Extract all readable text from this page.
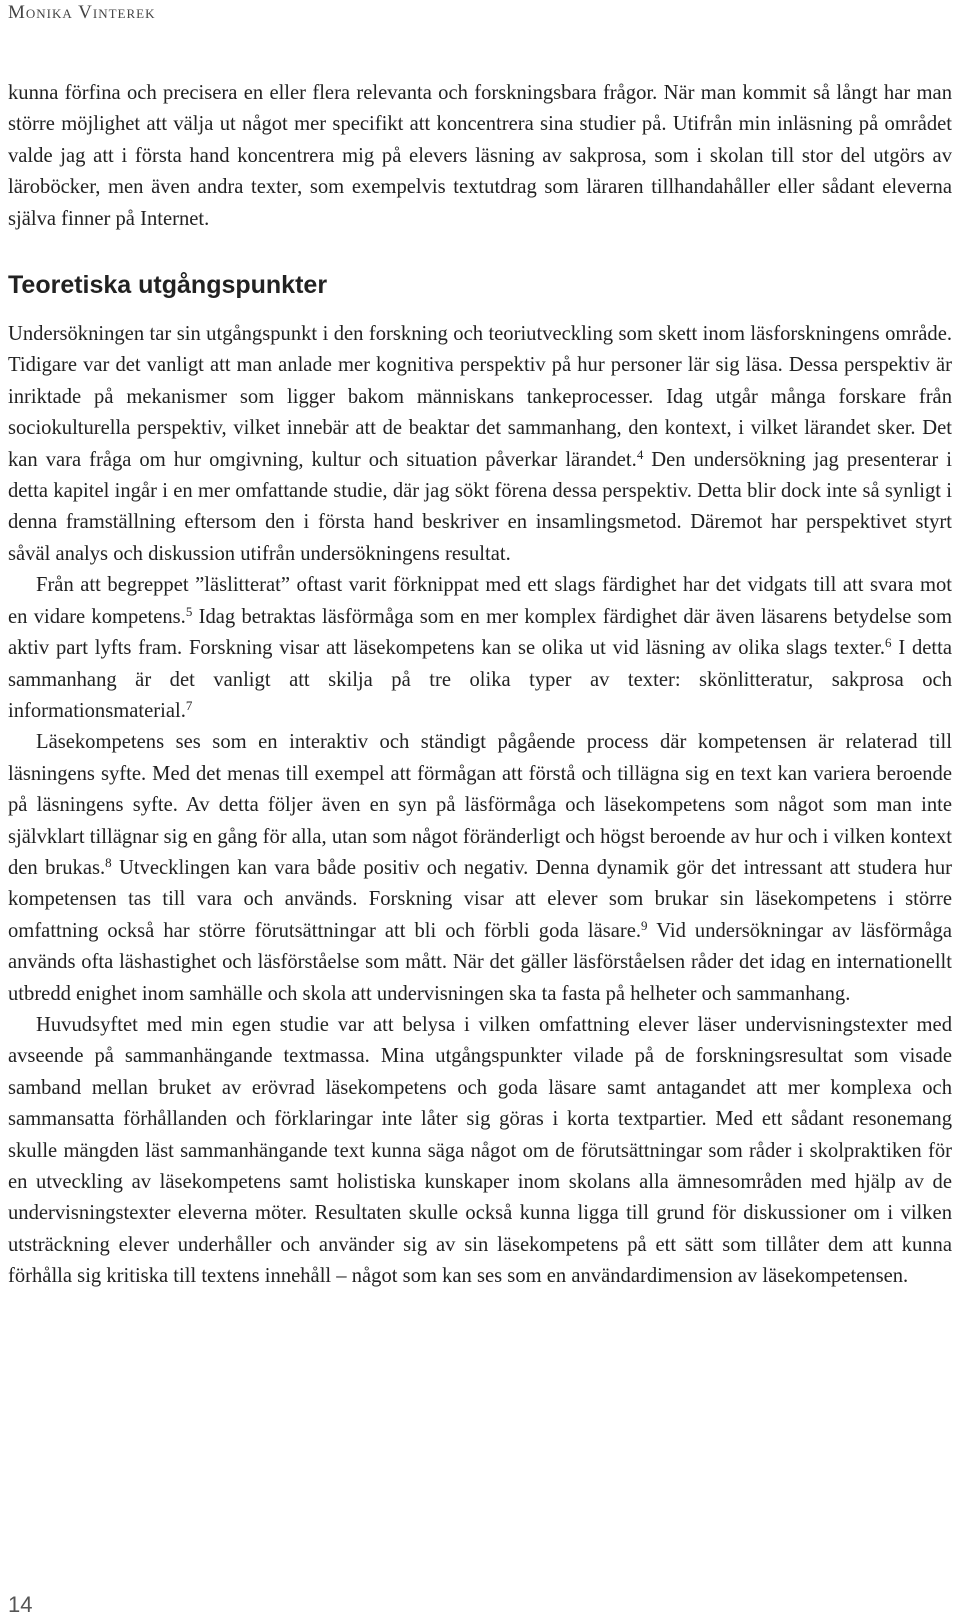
Monika Vinterek

kunna förfina och precisera en eller flera relevanta och forskningsbara frågor. När man kommit så långt har man större möjlighet att välja ut något mer specifikt att koncentrera sina studier på. Utifrån min inläsning på området valde jag att i första hand koncentrera mig på elevers läsning av sakprosa, som i skolan till stor del utgörs av läroböcker, men även andra texter, som exempelvis textutdrag som läraren tillhandahåller eller sådant eleverna själva finner på Internet.

Teoretiska utgångspunkter

Undersökningen tar sin utgångspunkt i den forskning och teoriutveckling som skett inom läsforskningens område. Tidigare var det vanligt att man anlade mer kognitiva perspektiv på hur personer lär sig läsa. Dessa perspektiv är inriktade på mekanismer som ligger bakom människans tankeprocesser. Idag utgår många forskare från sociokulturella perspektiv, vilket innebär att de beaktar det sammanhang, den kontext, i vilket lärandet sker. Det kan vara fråga om hur omgivning, kultur och situation påverkar lärandet.$^4$ Den undersökning jag presenterar i detta kapitel ingår i en mer omfattande studie, där jag sökt förena dessa perspektiv. Detta blir dock inte så synligt i denna framställning eftersom den i första hand beskriver en insamlingsmetod. Däremot har perspektivet styrt såväl analys och diskussion utifrån undersökningens resultat.

Från att begreppet ”läslitterat” oftast varit förknippat med ett slags färdighet har det vidgats till att svara mot en vidare kompetens.$^5$ Idag betraktas läsförmåga som en mer komplex färdighet där även läsarens betydelse som aktiv part lyfts fram. Forskning visar att läsekompetens kan se olika ut vid läsning av olika slags texter.$^6$ I detta sammanhang är det vanligt att skilja på tre olika typer av texter: skönlitteratur, sakprosa och informationsmaterial.$^7$

Läsekompetens ses som en interaktiv och ständigt pågående process där kompetensen är relaterad till läsningens syfte. Med det menas till exempel att förmågan att förstå och tillägna sig en text kan variera beroende på läsningens syfte. Av detta följer även en syn på läsförmåga och läsekompetens som något som man inte självklart tillägnar sig en gång för alla, utan som något föränderligt och högst beroende av hur och i vilken kontext den brukas.$^8$ Utvecklingen kan vara både positiv och negativ. Denna dynamik gör det intressant att studera hur kompetensen tas till vara och används. Forskning visar att elever som brukar sin läsekompetens i större omfattning också har större förutsättningar att bli och förbli goda läsare.$^9$ Vid undersökningar av läsförmåga används ofta läshastighet och läsförståelse som mått. När det gäller läsförståelsen råder det idag en internationellt utbredd enighet inom samhälle och skola att undervisningen ska ta fasta på helheter och sammanhang.

Huvudsyftet med min egen studie var att belysa i vilken omfattning elever läser undervisningstexter med avseende på sammanhängande textmassa. Mina utgångspunkter vilade på de forskningsresultat som visade samband mellan bruket av erövrad läsekompetens och goda läsare samt antagandet att mer komplexa och sammansatta förhållanden och förklaringar inte låter sig göras i korta textpartier. Med ett sådant resonemang skulle mängden läst sammanhängande text kunna säga något om de förutsättningar som råder i skolpraktiken för en utveckling av läsekompetens samt holistiska kunskaper inom skolans alla ämnesområden med hjälp av de undervisningstexter eleverna möter. Resultaten skulle också kunna ligga till grund för diskussioner om i vilken utsträckning elever underhåller och använder sig av sin läsekompetens på ett sätt som tillåter dem att kunna förhålla sig kritiska till textens innehåll – något som kan ses som en användardimension av läsekompetensen.

14
